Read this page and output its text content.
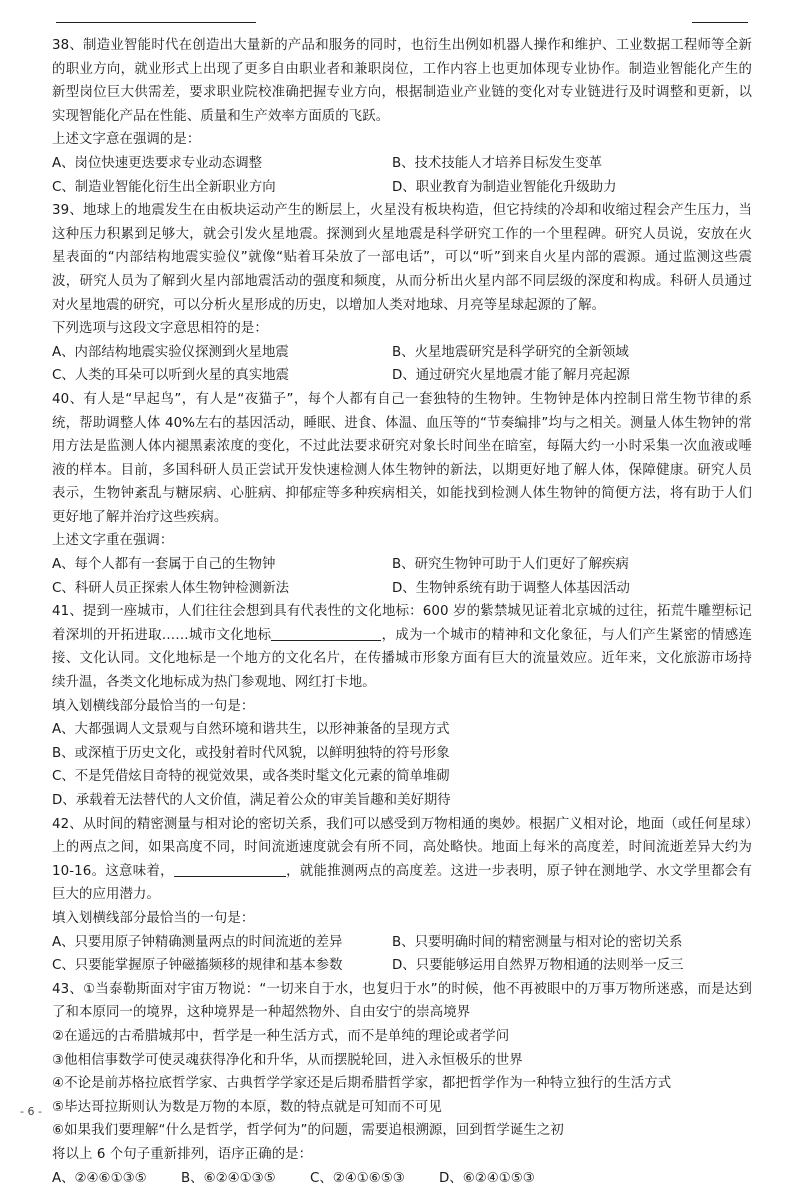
38、制造业智能时代在创造出大量新的产品和服务的同时，也衍生出例如机器人操作和维护、工业数据工程师等全新的职业方向，就业形式上出现了更多自由职业者和兼职岗位，工作内容上也更加体现专业协作。制造业智能化产生的新型岗位巨大供需差，要求职业院校准确把握专业方向，根据制造业产业链的变化对专业链进行及时调整和更新，以实现智能化产品在性能、质量和生产效率方面质的飞跃。

上述文字意在强调的是：

A、岗位快速更迭要求专业动态调整	B、技术技能人才培养目标发生变革
C、制造业智能化衍生出全新职业方向	D、职业教育为制造业智能化升级助力

39、地球上的地震发生在由板块运动产生的断层上，火星没有板块构造，但它持续的冷却和收缩过程会产生压力，当这种压力积累到足够大，就会引发火星地震。探测到火星地震是科学研究工作的一个里程碑。研究人员说，安放在火星表面的“内部结构地震实验仪”就像“贴着耳朵放了一部电话”，可以“听”到来自火星内部的震源。通过监测这些震波，研究人员为了解到火星内部地震活动的强度和频度，从而分析出火星内部不同层级的深度和构成。科研人员通过对火星地震的研究，可以分析火星形成的历史，以增加人类对地球、月亮等星球起源的了解。

下列选项与这段文字意思相符的是：

A、内部结构地震实验仪探测到火星地震	B、火星地震研究是科学研究的全新领域
C、人类的耳朵可以听到火星的真实地震	D、通过研究火星地震才能了解月亮起源

40、有人是“早起鸟”，有人是“夜猫子”，每个人都有自己一套独特的生物钟。生物钟是体内控制日常生物节律的系统，帮助调整人体 40%左右的基因活动，睡眠、进食、体温、血压等的“节奏编排”均与之相关。测量人体生物钟的常用方法是监测人体内褪黑素浓度的变化，不过此法要求研究对象长时间坐在暗室，每隔大约一小时采集一次血液或唾液的样本。目前，多国科研人员正尝试开发快速检测人体生物钟的新法，以期更好地了解人体，保障健康。研究人员表示，生物钟紊乱与糖尿病、心脏病、抑郁症等多种疾病相关，如能找到检测人体生物钟的简便方法，将有助于人们更好地了解并治疗这些疾病。

上述文字重在强调：

A、每个人都有一套属于自己的生物钟	B、研究生物钟可助于人们更好了解疾病
C、科研人员正探索人体生物钟检测新法	D、生物钟系统有助于调整人体基因活动

41、提到一座城市，人们往往会想到具有代表性的文化地标：600 岁的紫禁城见证着北京城的过往，拓荒牛雕塑标记着深圳的开拓进取……城市文化地标	，成为一个城市的精神和文化象征，与人们产生紧密的情感连接、文化认同。文化地标是一个地方的文化名片，在传播城市形象方面有巨大的流量效应。近年来，文化旅游市场持续升温，各类文化地标成为热门参观地、网红打卡地。

填入划横线部分最恰当的一句是：

A、大都强调人文景观与自然环境和谐共生，以形神兼备的呈现方式
B、或深植于历史文化，或投射着时代风貌，以鲜明独特的符号形象
C、不是凭借炫目奇特的视觉效果，或各类时髦文化元素的简单堆砌
D、承载着无法替代的人文价值，满足着公众的审美旨趣和美好期待

42、从时间的精密测量与相对论的密切关系，我们可以感受到万物相通的奥妙。根据广义相对论，地面（或任何星球）上的两点之间，如果高度不同，时间流逝速度就会有所不同，高处略快。地面上每米的高度差，时间流逝差异大约为 10-16。这意味着，	，就能推测两点的高度差。这进一步表明，原子钟在测地学、水文学里都会有巨大的应用潜力。

填入划横线部分最恰当的一句是：

A、只要用原子钟精确测量两点的时间流逝的差异	B、只要明确时间的精密测量与相对论的密切关系
C、只要能掌握原子钟磁搐频移的规律和基本参数	D、只要能够运用自然界万物相通的法则举一反三

43、①当泰勒斯面对宇宙万物说：“一切来自于水，也复归于水”的时候，他不再被眼中的万事万物所迷惑，而是达到了和本原同一的境界，这种境界是一种超然物外、自由安宁的崇高境界

②在遥远的古希腊城邦中，哲学是一种生活方式，而不是单纯的理论或者学问

③他相信事数学可使灵魂获得净化和升华，从而摆脱轮回，进入永恒极乐的世界

④不论是前苏格拉底哲学家、古典哲学学家还是后期希腊哲学家，都把哲学作为一种特立独行的生活方式

⑤毕达哥拉斯则认为数是万物的本原，数的特点就是可知而不可见

⑥如果我们要理解“什么是哲学，哲学何为”的问题，需要追根溯源，回到哲学诞生之初

将以上 6 个句子重新排列，语序正确的是：

A、②④⑥①③⑤	B、⑥②④①③⑤	C、②④①⑥⑤③	D、⑥②④①⑤③
- 6 -
